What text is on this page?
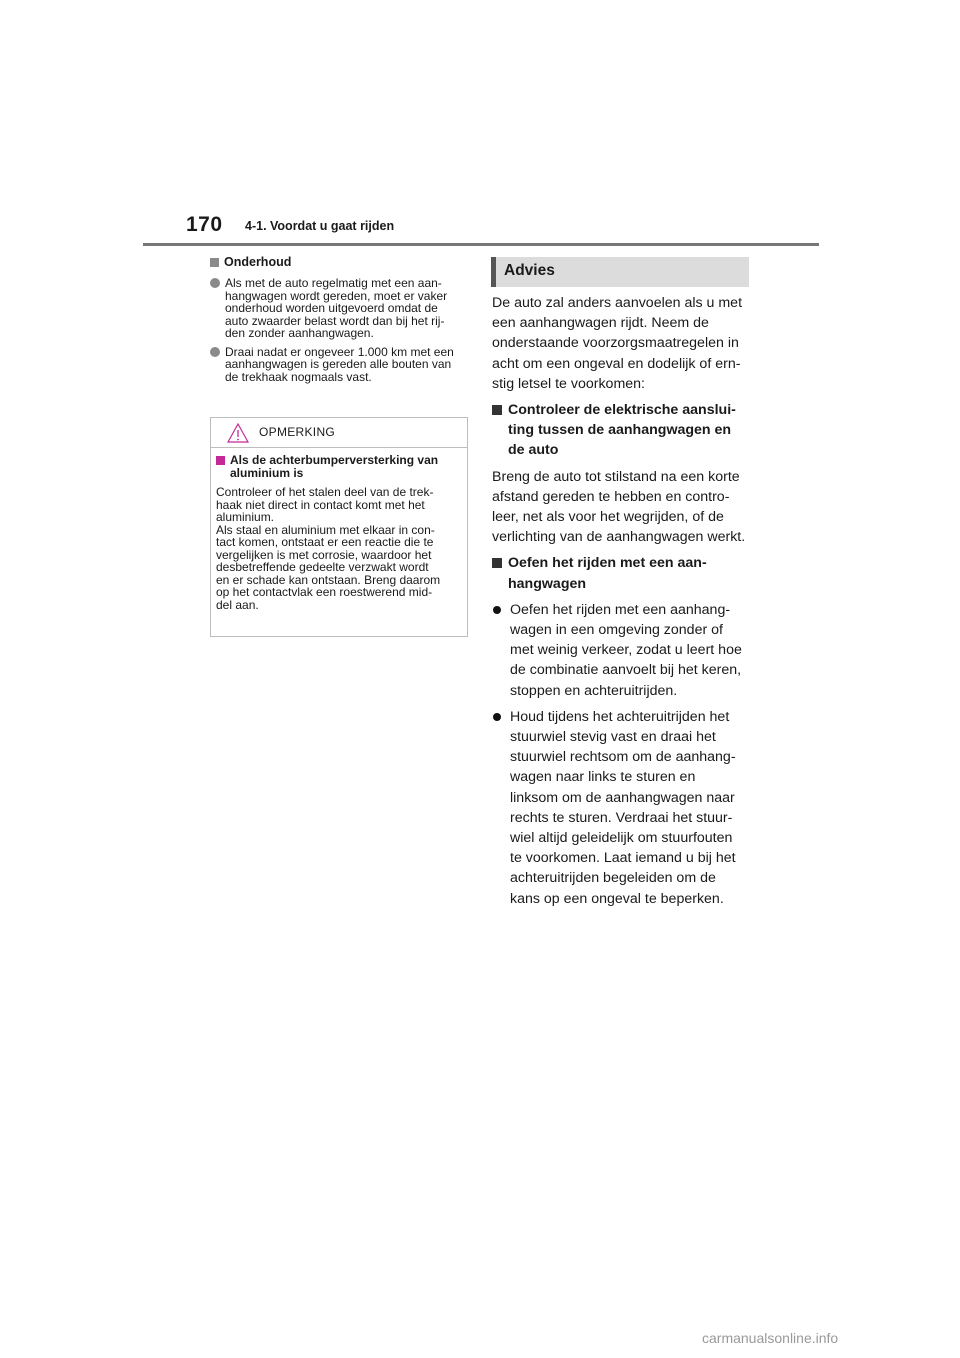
170 4-1. Voordat u gaat rijden
Onderhoud
Als met de auto regelmatig met een aan-
hangwagen wordt gereden, moet er vaker
onderhoud worden uitgevoerd omdat de
auto zwaarder belast wordt dan bij het rij-
den zonder aanhangwagen.
Draai nadat er ongeveer 1.000 km met een
aanhangwagen is gereden alle bouten van
de trekhaak nogmaals vast.
OPMERKING
Als de achterbumperversterking van
aluminium is
Controleer of het stalen deel van de trek-
haak niet direct in contact komt met het
aluminium.
Als staal en aluminium met elkaar in con-
tact komen, ontstaat er een reactie die te
vergelijken is met corrosie, waardoor het
desbetreffende gedeelte verzwakt wordt
en er schade kan ontstaan. Breng daarom
op het contactvlak een roestwerend mid-
del aan.
Advies

De auto zal anders aanvoelen als u met
een aanhangwagen rijdt. Neem de
onderstaande voorzorgsmaatregelen in
acht om een ongeval en dodelijk of ern-
stig letsel te voorkomen:

Controleer de elektrische aanslui-
ting tussen de aanhangwagen en
de auto

Breng de auto tot stilstand na een korte
afstand gereden te hebben en contro-
leer, net als voor het wegrijden, of de
verlichting van de aanhangwagen werkt.

Oefen het rijden met een aan-
hangwagen
Oefen het rijden met een aanhang-
wagen in een omgeving zonder of
met weinig verkeer, zodat u leert hoe
de combinatie aanvoelt bij het keren,
stoppen en achteruitrijden.
Houd tijdens het achteruitrijden het
stuurwiel stevig vast en draai het
stuurwiel rechtsom om de aanhang-
wagen naar links te sturen en
linksom om de aanhangwagen naar
rechts te sturen. Verdraai het stuur-
wiel altijd geleidelijk om stuurfouten
te voorkomen. Laat iemand u bij het
achteruitrijden begeleiden om de
kans op een ongeval te beperken.
carmanualsonline.info
